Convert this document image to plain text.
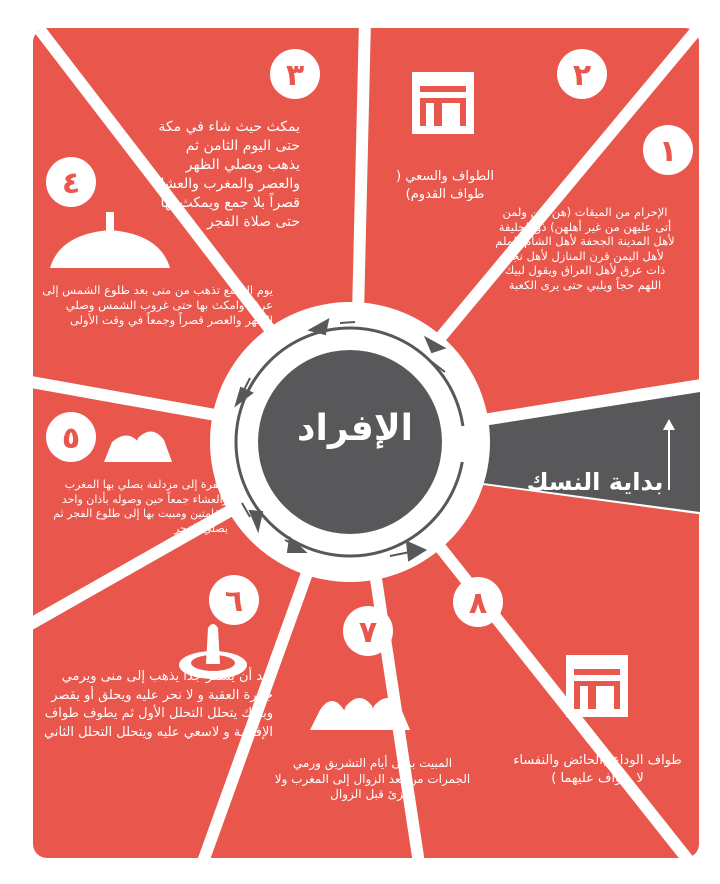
٣	٢
١
٤
٥
٦
٧
٨
الإفراد
بداية النسك
يمكث حيث شاء في مكة حتى اليوم الثامن ثم يذهب ويصلي الظهر والعصر والمغرب والعشاء قصراً بلا جمع ويمكث بها حتى صلاة الفجر
الطواف والسعي ( طواف القدوم)
الإحرام من الميقات (هن لهن ولمن أتى عليهن من غير أهلهن) ذو الحليفة لأهل المدينة الجحفة لأهل الشام يلملم لأهل اليمن قرن المنازل لأهل نجد ذات عرق لأهل العراق ويقول لبيك اللهم حجاً ويلبي حتى يرى الكعبة
يوم التاسع تذهب من منى بعد طلوع الشمس إلى عرفة وامكث بها حتى غروب الشمس وصلي الظهر والعصر قصراً وجمعاً في وقت الأولى
النفرة إلى مزدلفة يصلي بها المغرب والعشاء جمعاً حين وصوله بأذان واحد وإقامتين ومبيت بها إلى طلوع الفجر ثم يصلي الفجر
بعد أن يسفر جداً يذهب إلى منى ويرمي جمرة العقبة و لا نحر عليه ويحلق أو يقصر وبذلك يتحلل التحلل الأول ثم يطوف طواف الإفاضة و لاسعي عليه ويتحلل التحلل الثاني
المبيت بمنى أيام التشريق ورمي الجمرات من بعد الزوال إلى المغرب ولا يجزئ قبل الزوال
طواف الوداع (الحائض والنفساء لا طواف عليهما )
